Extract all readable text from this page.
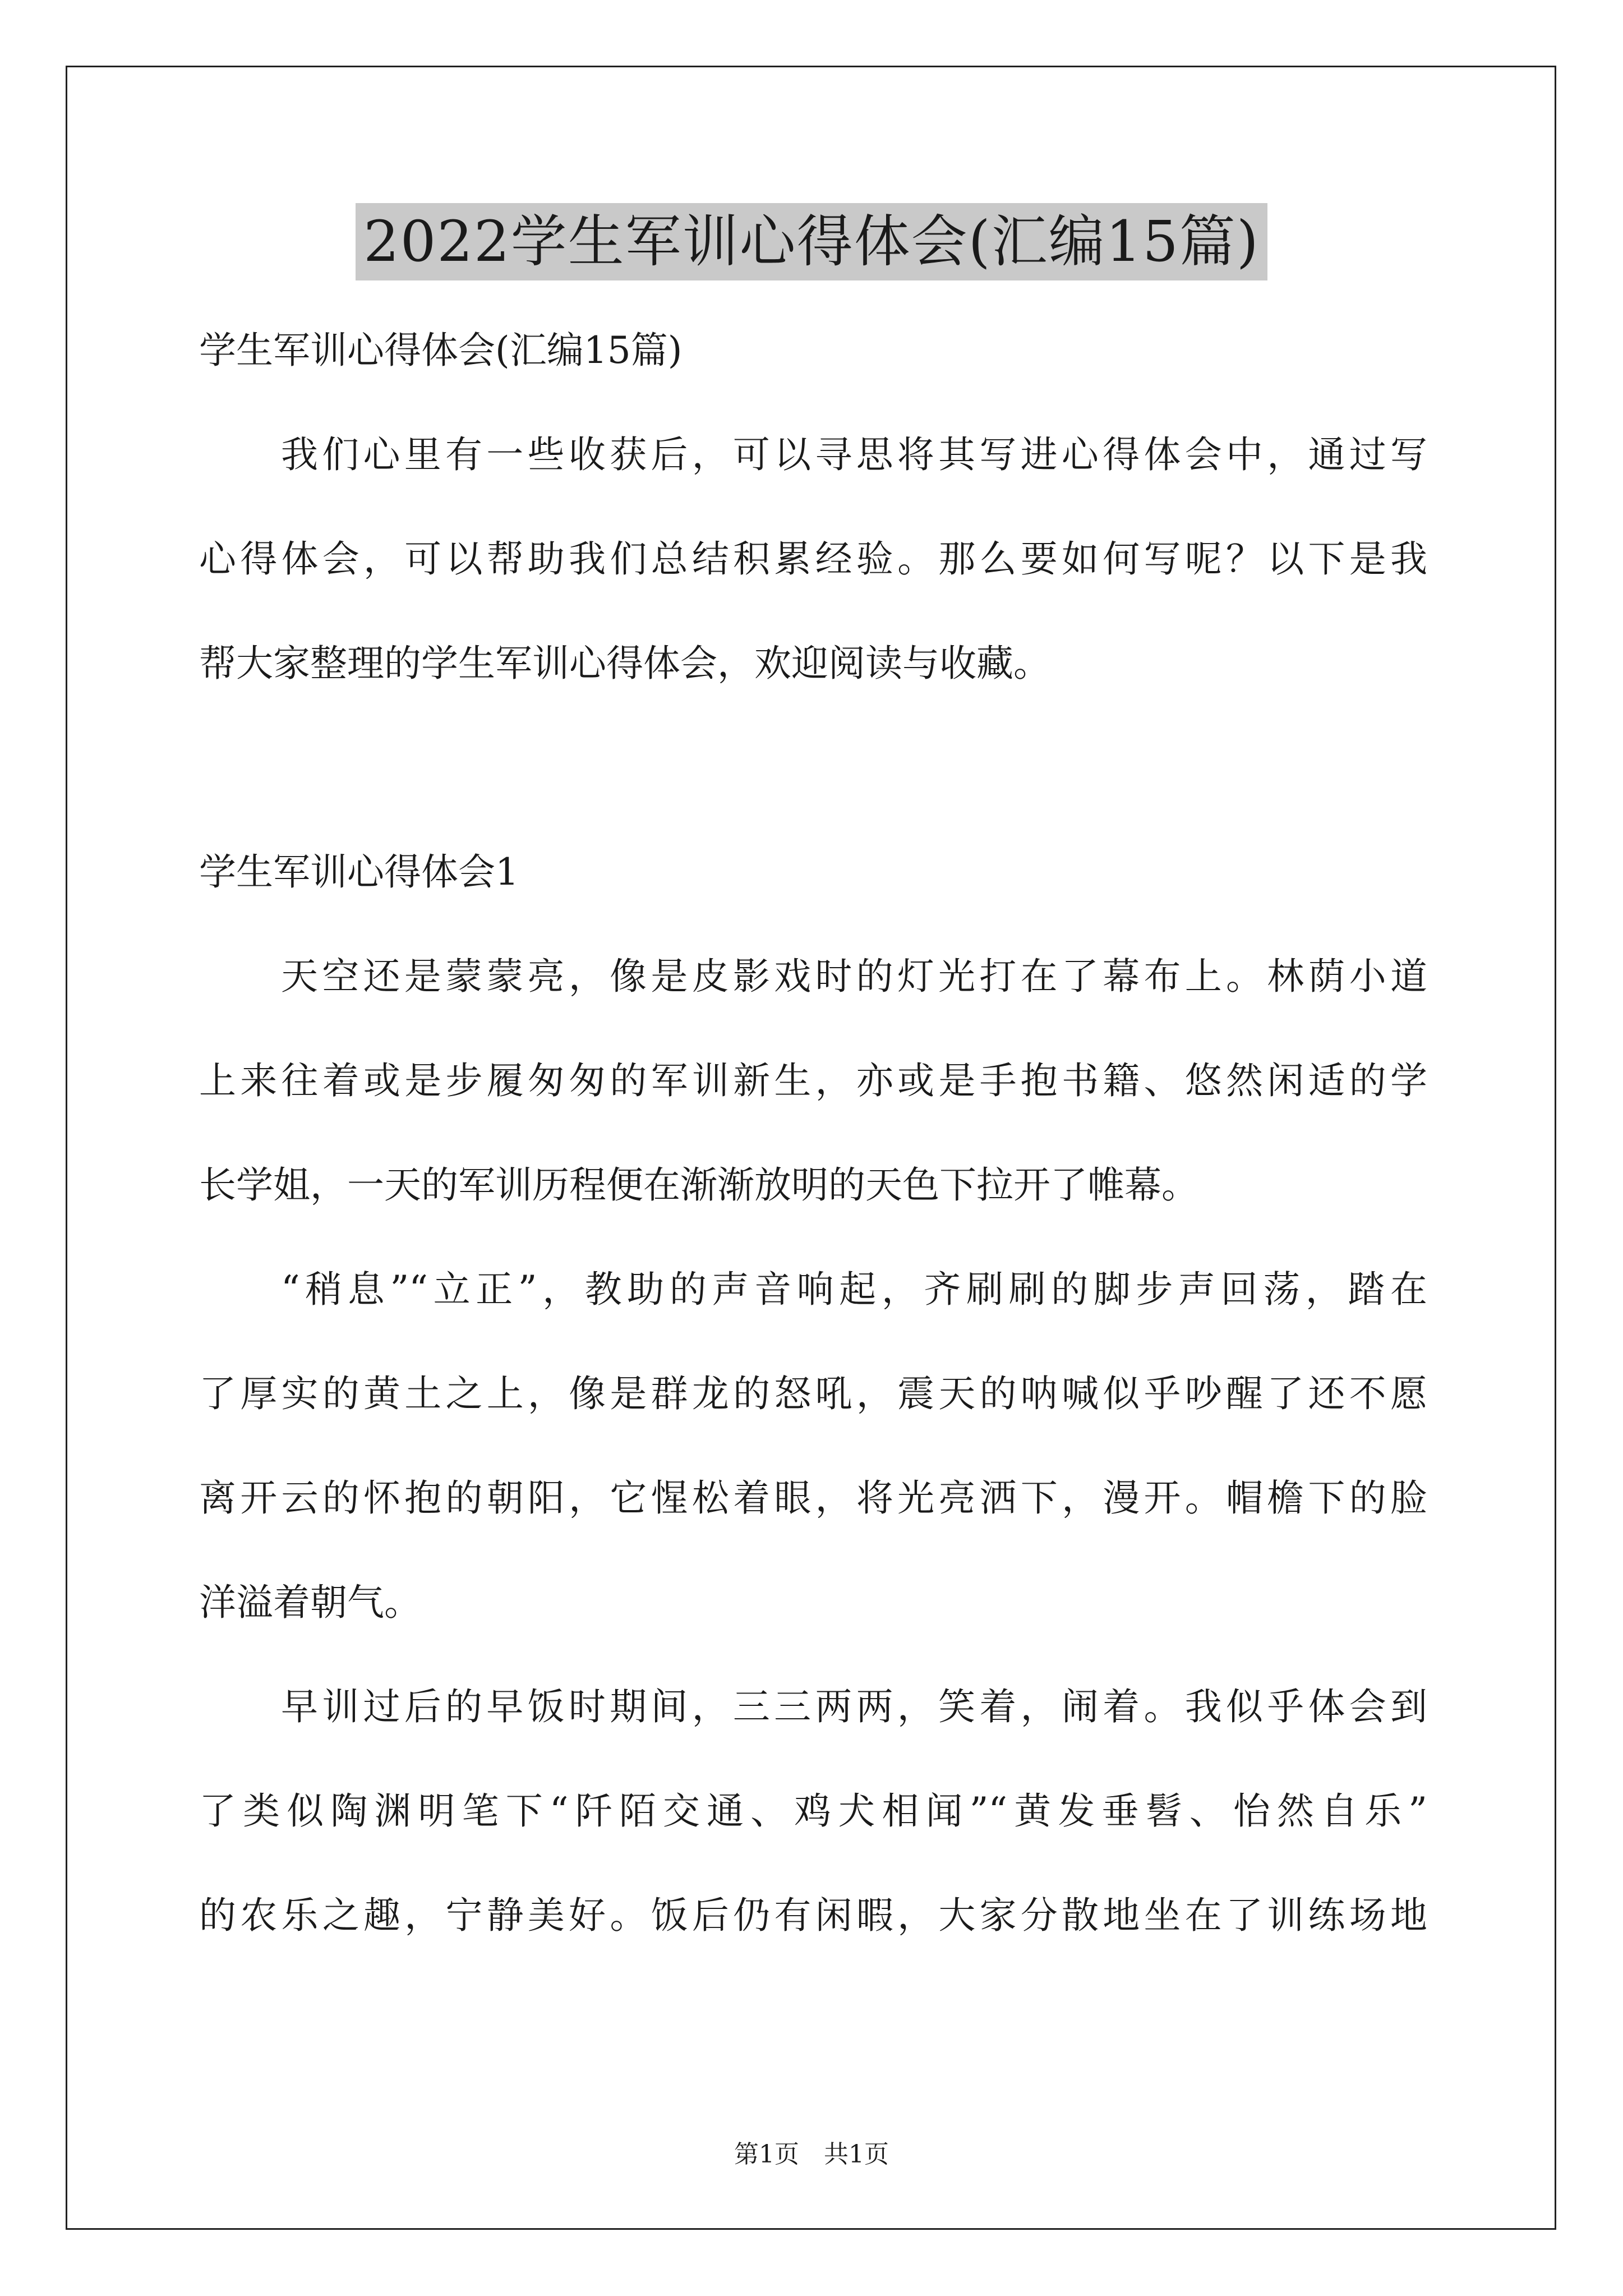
2022学生军训心得体会(汇编15篇)
学生军训心得体会(汇编15篇)
我们心里有一些收获后，可以寻思将其写进心得体会中，通过写
心得体会，可以帮助我们总结积累经验。那么要如何写呢？以下是我
帮大家整理的学生军训心得体会，欢迎阅读与收藏。
学生军训心得体会1
天空还是蒙蒙亮，像是皮影戏时的灯光打在了幕布上。林荫小道
上来往着或是步履匆匆的军训新生，亦或是手抱书籍、悠然闲适的学
长学姐，一天的军训历程便在渐渐放明的天色下拉开了帷幕。
“稍息”“立正”，教助的声音响起，齐刷刷的脚步声回荡，踏在
了厚实的黄土之上，像是群龙的怒吼，震天的呐喊似乎吵醒了还不愿
离开云的怀抱的朝阳，它惺松着眼，将光亮洒下，漫开。帽檐下的脸
洋溢着朝气。
早训过后的早饭时期间，三三两两，笑着，闹着。我似乎体会到
了类似陶渊明笔下“阡陌交通、鸡犬相闻”“黄发垂髫、怡然自乐”
的农乐之趣，宁静美好。饭后仍有闲暇，大家分散地坐在了训练场地
第1页　共1页
